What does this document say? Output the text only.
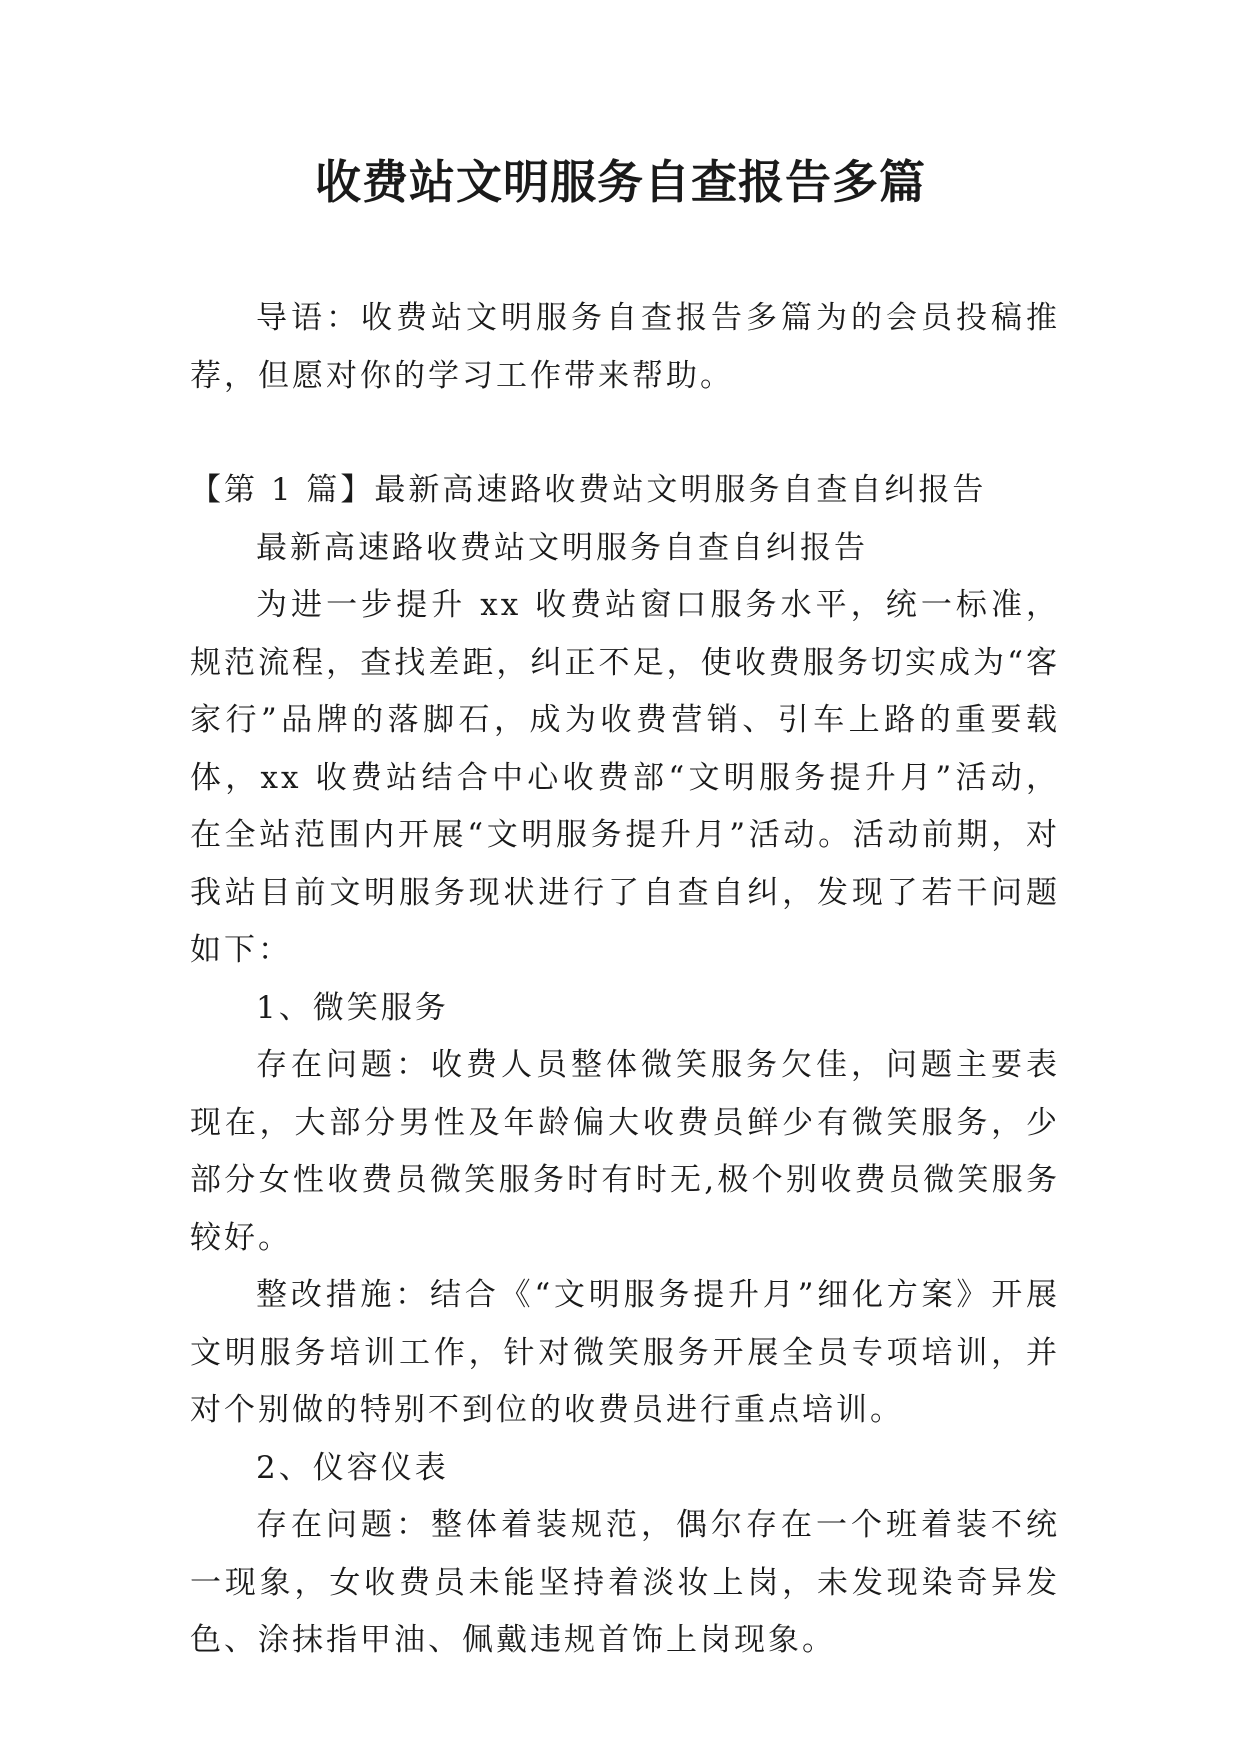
收费站文明服务自查报告多篇

导语：收费站文明服务自查报告多篇为的会员投稿推荐，但愿对你的学习工作带来帮助。

【第 1 篇】最新高速路收费站文明服务自查自纠报告

最新高速路收费站文明服务自查自纠报告

为进一步提升 xx 收费站窗口服务水平，统一标准，规范流程，查找差距，纠正不足，使收费服务切实成为“客家行”品牌的落脚石，成为收费营销、引车上路的重要载体，xx 收费站结合中心收费部“文明服务提升月”活动，在全站范围内开展“文明服务提升月”活动。活动前期，对我站目前文明服务现状进行了自查自纠，发现了若干问题如下：

1、微笑服务

存在问题：收费人员整体微笑服务欠佳，问题主要表现在，大部分男性及年龄偏大收费员鲜少有微笑服务，少部分女性收费员微笑服务时有时无,极个别收费员微笑服务较好。

整改措施：结合《“文明服务提升月”细化方案》开展文明服务培训工作，针对微笑服务开展全员专项培训，并对个别做的特别不到位的收费员进行重点培训。

2、仪容仪表

存在问题：整体着装规范，偶尔存在一个班着装不统一现象，女收费员未能坚持着淡妆上岗，未发现染奇异发色、涂抹指甲油、佩戴违规首饰上岗现象。
